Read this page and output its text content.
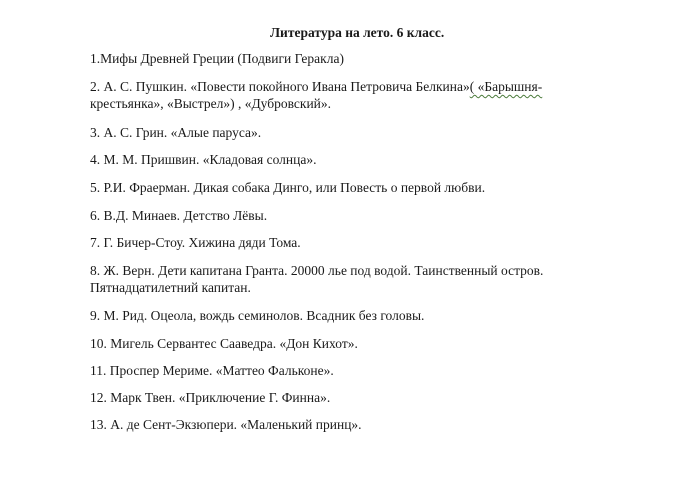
Литература на лето. 6 класс.
1.Мифы Древней Греции (Подвиги Геракла)
2. А. С. Пушкин. «Повести покойного Ивана Петровича Белкина»( «Барышня-
крестьянка», «Выстрел») , «Дубровский».
3. А. С. Грин. «Алые паруса».
4. М. М. Пришвин. «Кладовая солнца».
5. Р.И. Фраерман. Дикая собака Динго, или Повесть о первой любви.
6. В.Д. Минаев. Детство Лёвы.
7. Г. Бичер-Стоу. Хижина дяди Тома.
8. Ж. Верн. Дети капитана Гранта. 20000 лье под водой. Таинственный остров.
Пятнадцатилетний капитан.
9. М. Рид. Оцеола, вождь семинолов. Всадник без головы.
10. Мигель Сервантес Сааведра. «Дон Кихот».
11. Проспер Мериме. «Маттео Фальконе».
12. Марк Твен. «Приключение Г. Финна».
13. А. де Сент-Экзюпери. «Маленький принц».
